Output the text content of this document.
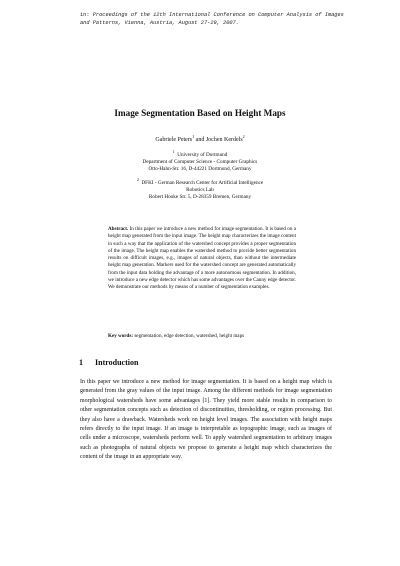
in: Proceedings of the 12th International Conference on Computer Analysis of Images and Patterns, Vienna, Austria, August 27-29, 2007.
Image Segmentation Based on Height Maps
Gabriele Peters$^1$ and Jochen Kerdels$^2$
$^1$  University of Dortmund
Department of Computer Science - Computer Graphics
Otto-Hahn-Str. 16, D-44221 Dortmund, Germany
$^2$  DFKI - German Research Center for Artificial Intelligence
Robotics Lab
Robert Hooke Str. 5, D-28359 Bremen, Germany

Abstract. In this paper we introduce a new method for image segmentation. It is based on a height map generated from the input image. The height map characterizes the image content in such a way that the application of the watershed concept provides a proper segmentation of the image. The height map enables the watershed method to provide better segmentation results on difficult images, e.g., images of natural objects, than without the intermediate height map generation. Markers used for the watershed concept are generated automatically from the input data holding the advantage of a more autonomous segmentation. In addition, we introduce a new edge detector which has some advantages over the Canny edge detector. We demonstrate our methods by means of a number of segmentation examples.

Key words: segmentation, edge detection, watershed, height maps

1 Introduction

In this paper we introduce a new method for image segmentation. It is based on a height map which is generated from the gray values of the input image. Among the different methods for image segmentation morphological watersheds have some advantages [1]. They yield more stable results in comparison to other segmentation concepts such as detection of discontinuities, thresholding, or region processing. But they also have a drawback. Watersheds work on height level images. The association with height maps refers directly to the input image. If an image is interpretable as topographic image, such as images of cells under a microscope, watersheds perform well. To apply watershed segmentation to arbitrary images such as photographs of natural objects we propose to generate a height map which characterizes the content of the image in an appropriate way.
